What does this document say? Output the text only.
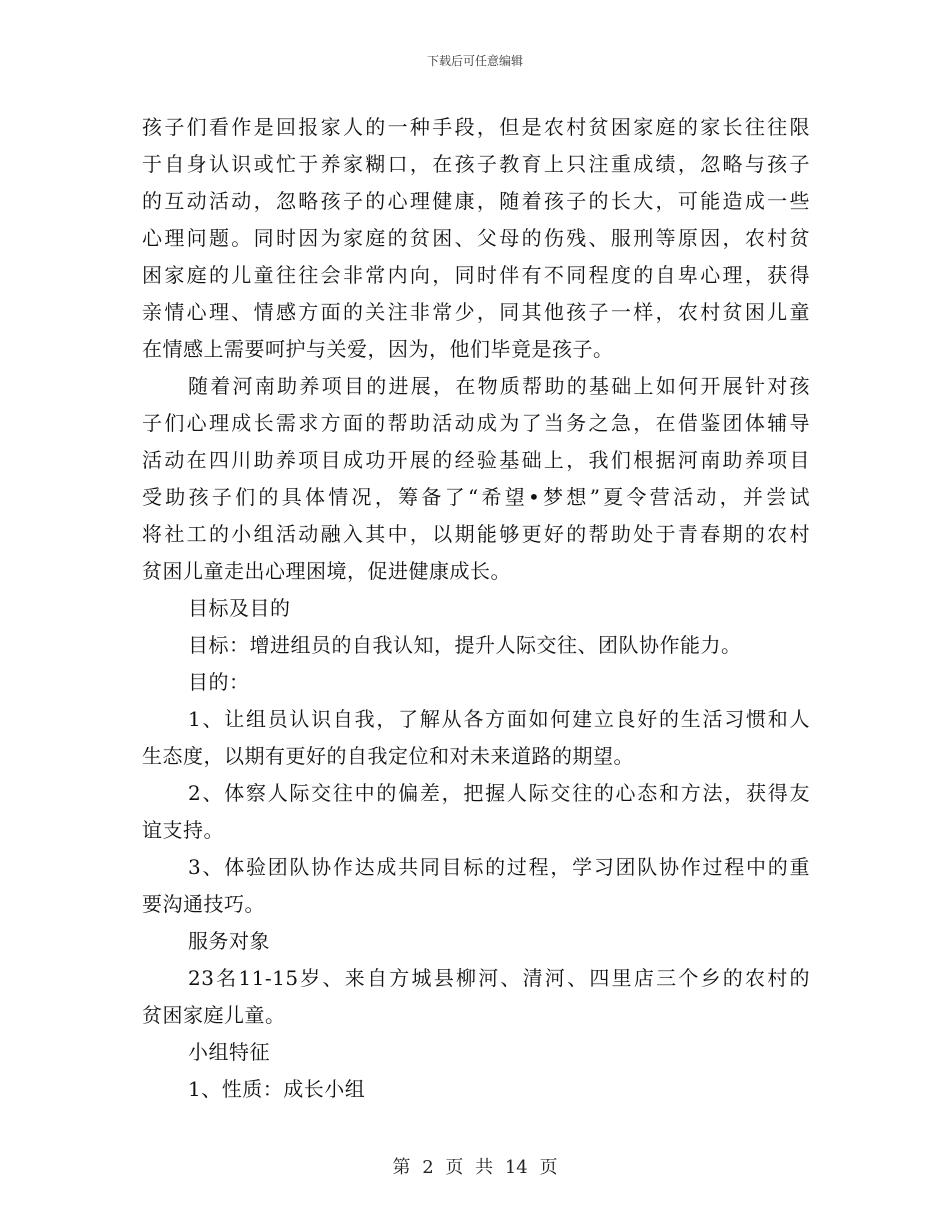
下载后可任意编辑
孩子们看作是回报家人的一种手段，但是农村贫困家庭的家长往往限
于自身认识或忙于养家糊口，在孩子教育上只注重成绩，忽略与孩子
的互动活动，忽略孩子的心理健康，随着孩子的长大，可能造成一些
心理问题。同时因为家庭的贫困、父母的伤残、服刑等原因，农村贫
困家庭的儿童往往会非常内向，同时伴有不同程度的自卑心理，获得
亲情心理、情感方面的关注非常少，同其他孩子一样，农村贫困儿童
在情感上需要呵护与关爱，因为，他们毕竟是孩子。
随着河南助养项目的进展，在物质帮助的基础上如何开展针对孩
子们心理成长需求方面的帮助活动成为了当务之急，在借鉴团体辅导
活动在四川助养项目成功开展的经验基础上，我们根据河南助养项目
受助孩子们的具体情况，筹备了“希望•梦想”夏令营活动，并尝试
将社工的小组活动融入其中，以期能够更好的帮助处于青春期的农村
贫困儿童走出心理困境，促进健康成长。
目标及目的
目标：增进组员的自我认知，提升人际交往、团队协作能力。
目的：
1、让组员认识自我，了解从各方面如何建立良好的生活习惯和人
生态度，以期有更好的自我定位和对未来道路的期望。
2、体察人际交往中的偏差，把握人际交往的心态和方法，获得友
谊支持。
3、体验团队协作达成共同目标的过程，学习团队协作过程中的重
要沟通技巧。
服务对象
23名11-15岁、来自方城县柳河、清河、四里店三个乡的农村的
贫困家庭儿童。
小组特征
1、性质：成长小组
第 2 页 共 14 页
